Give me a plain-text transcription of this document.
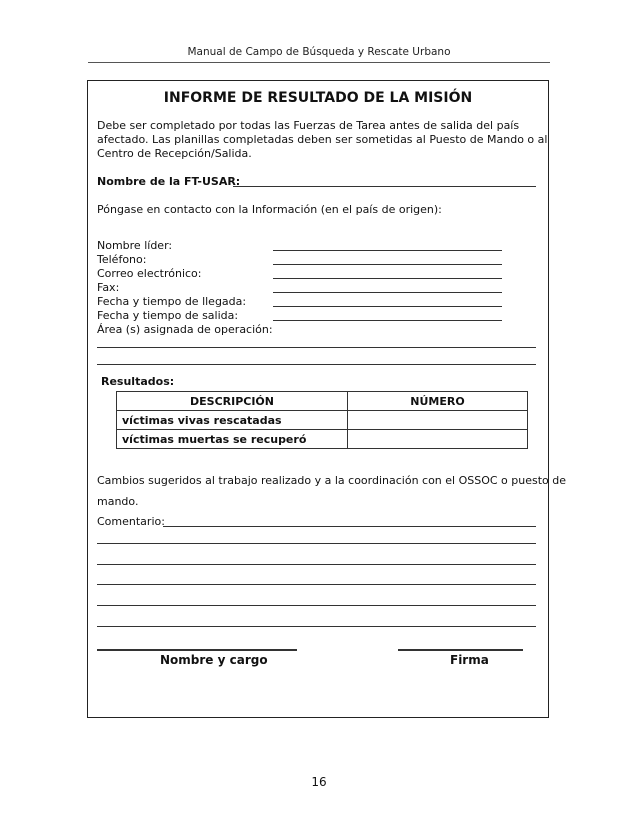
Manual de Campo de Búsqueda y Rescate Urbano
INFORME DE RESULTADO DE LA MISIÓN
Debe ser completado por todas las Fuerzas de Tarea antes de salida del país
afectado. Las planillas completadas deben ser sometidas al Puesto de Mando o al
Centro de Recepción/Salida.
Nombre de la FT-USAR:
Póngase en contacto con la Información (en el país de origen):
Nombre líder:
Teléfono:
Correo electrónico:
Fax:
Fecha y tiempo de llegada:
Fecha y tiempo de salida:
Área (s) asignada de operación:
Resultados:
DESCRIPCIÓN	NÚMERO
víctimas vivas rescatadas	
víctimas muertas se recuperó	
Cambios sugeridos al trabajo realizado y a la coordinación con el OSSOC o puesto de
mando.
Comentario:
Nombre y cargo	Firma
16
